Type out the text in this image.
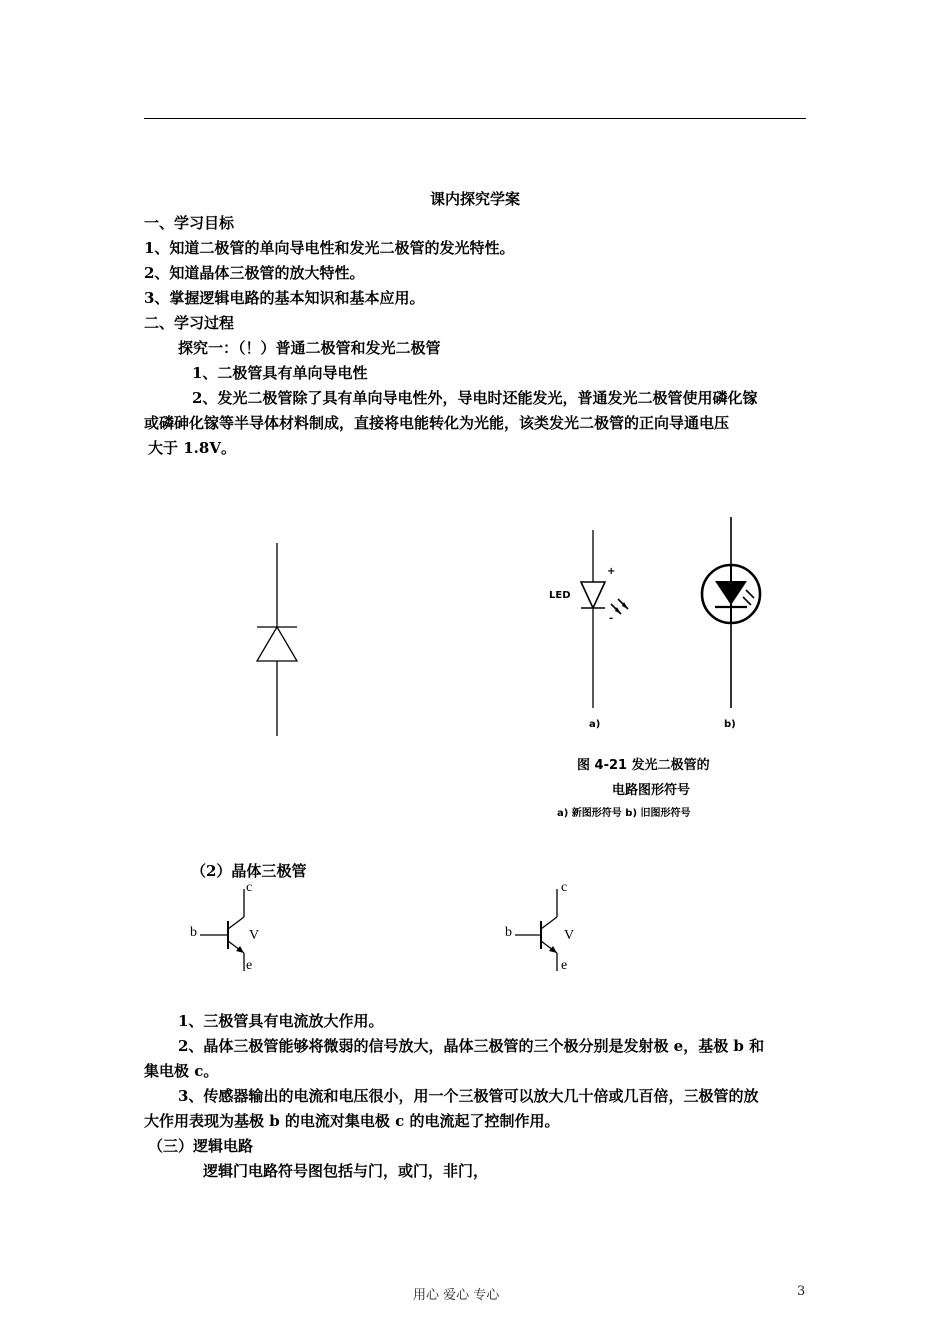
课内探究学案
一、学习目标
1、知道二极管的单向导电性和发光二极管的发光特性。
2、知道晶体三极管的放大特性。
3、掌握逻辑电路的基本知识和基本应用。
二、学习过程
探究一：（！）普通二极管和发光二极管
1、二极管具有单向导电性
2、发光二极管除了具有单向导电性外，导电时还能发光，普通发光二极管使用磷化镓
或磷砷化镓等半导体材料制成，直接将电能转化为光能，该类发光二极管的正向导通电压
大于 1.8V。
LED
+
-
a)	b)
图 4-21 发光二极管的
电路图形符号
a) 新图形符号 b) 旧图形符号
（2）晶体三极管
c
b	V
e
c
b	V
e
1、三极管具有电流放大作用。
2、晶体三极管能够将微弱的信号放大，晶体三极管的三个极分别是发射极 e，基极 b 和
集电极 c。
3、传感器输出的电流和电压很小，用一个三极管可以放大几十倍或几百倍，三极管的放
大作用表现为基极 b 的电流对集电极 c 的电流起了控制作用。
（三）逻辑电路
逻辑门电路符号图包括与门，或门，非门，
用心 爱心 专心	3
